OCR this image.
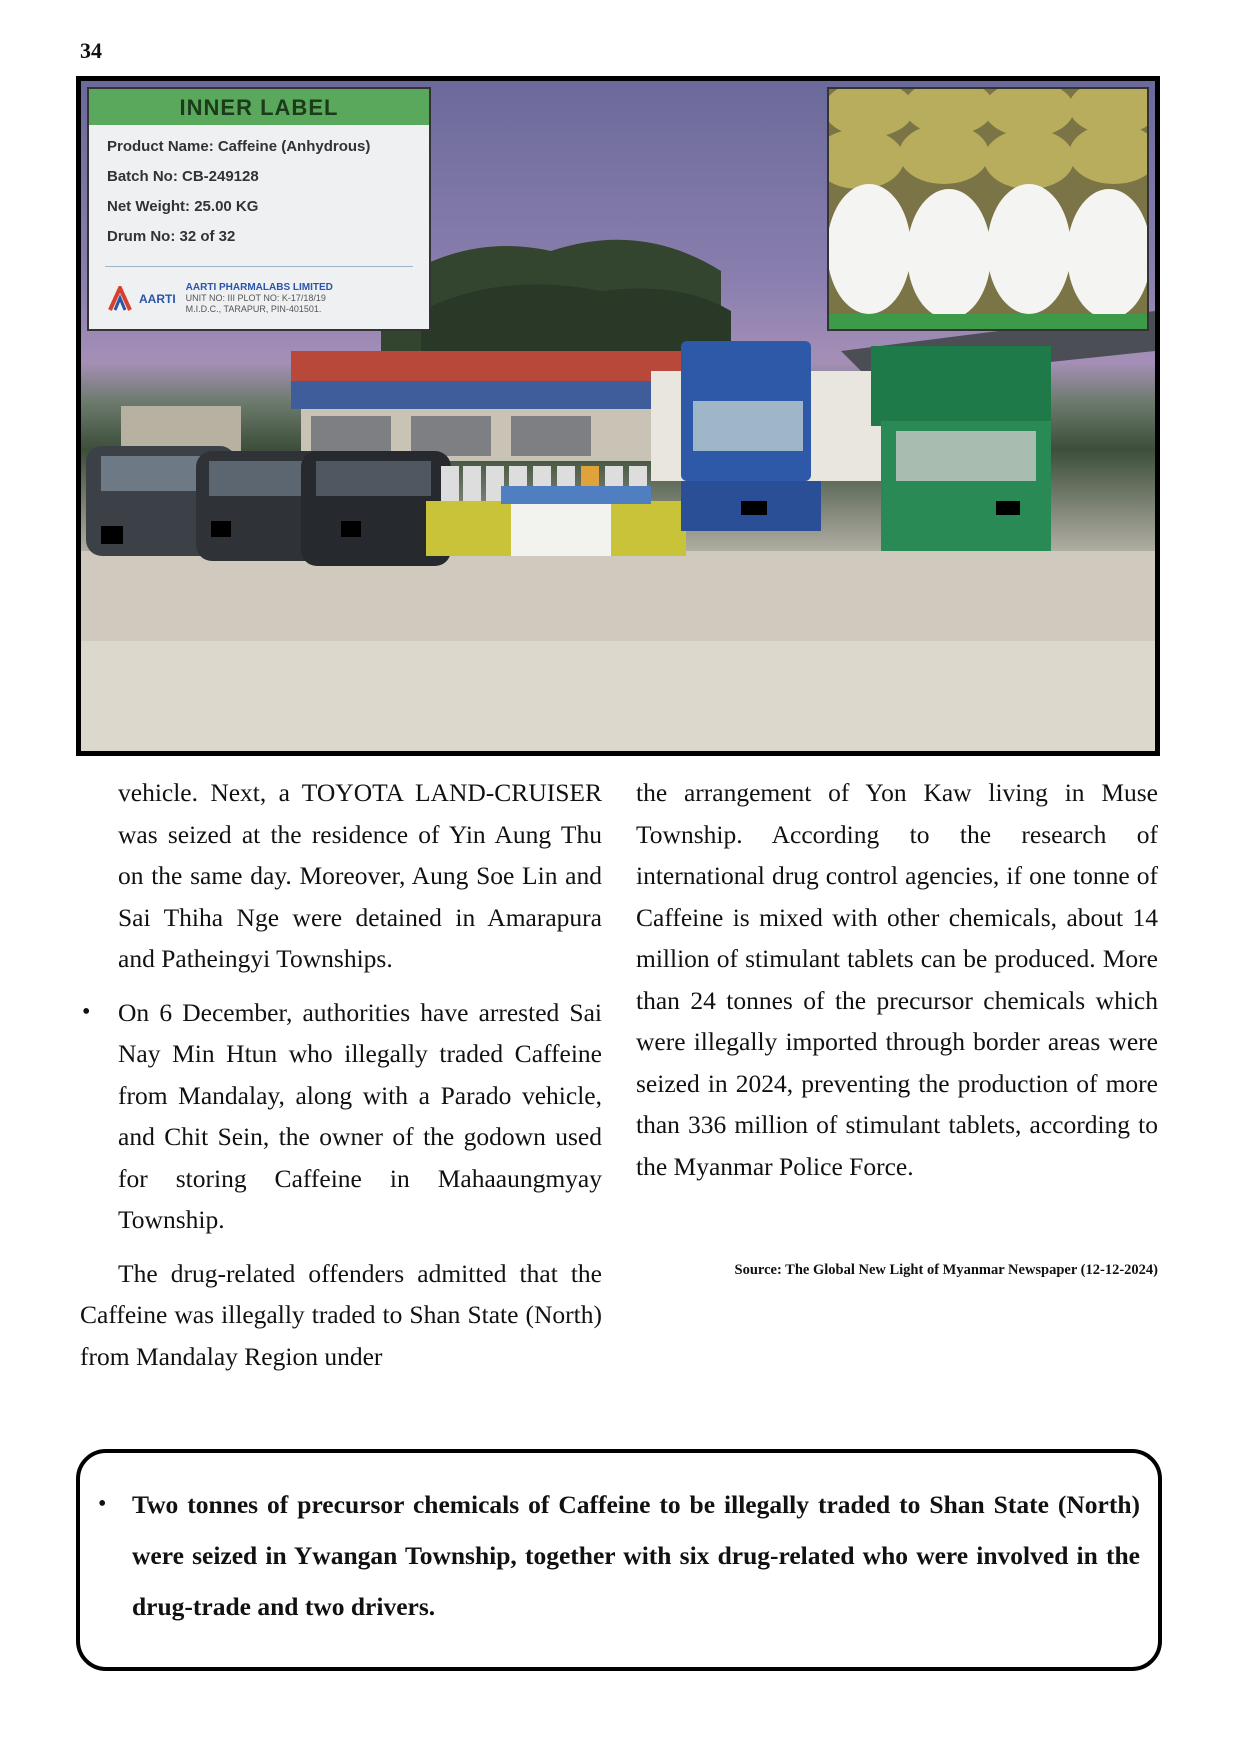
34
INNER LABEL
Product Name: Caffeine (Anhydrous)
Batch No: CB-249128
Net Weight: 25.00 KG
Drum No: 32 of 32
AARTI
AARTI PHARMALABS LIMITED
UNIT NO: III PLOT NO: K-17/18/19
M.I.D.C., TARAPUR, PIN-401501.

vehicle. Next, a TOYOTA LAND-CRUISER was seized at the residence of Yin Aung Thu on the same day. Moreover, Aung Soe Lin and Sai Thiha Nge were detained in Amarapura and Patheingyi Townships.

• On 6 December, authorities have arrested Sai Nay Min Htun who illegally traded Caffeine from Mandalay, along with a Parado vehicle, and Chit Sein, the owner of the godown used for storing Caffeine in Mahaaungmyay Township.

The drug-related offenders admitted that the Caffeine was illegally traded to Shan State (North) from Mandalay Region under

the arrangement of Yon Kaw living in Muse Township. According to the research of international drug control agencies, if one tonne of Caffeine is mixed with other chemicals, about 14 million of stimulant tablets can be produced. More than 24 tonnes of the precursor chemicals which were illegally imported through border areas were seized in 2024, preventing the production of more than 336 million of stimulant tablets, according to the Myanmar Police Force.

Source: The Global New Light of Myanmar Newspaper (12-12-2024)
• Two tonnes of precursor chemicals of Caffeine to be illegally traded to Shan State (North) were seized in Ywangan Township, together with six drug-related who were involved in the drug-trade and two drivers.
